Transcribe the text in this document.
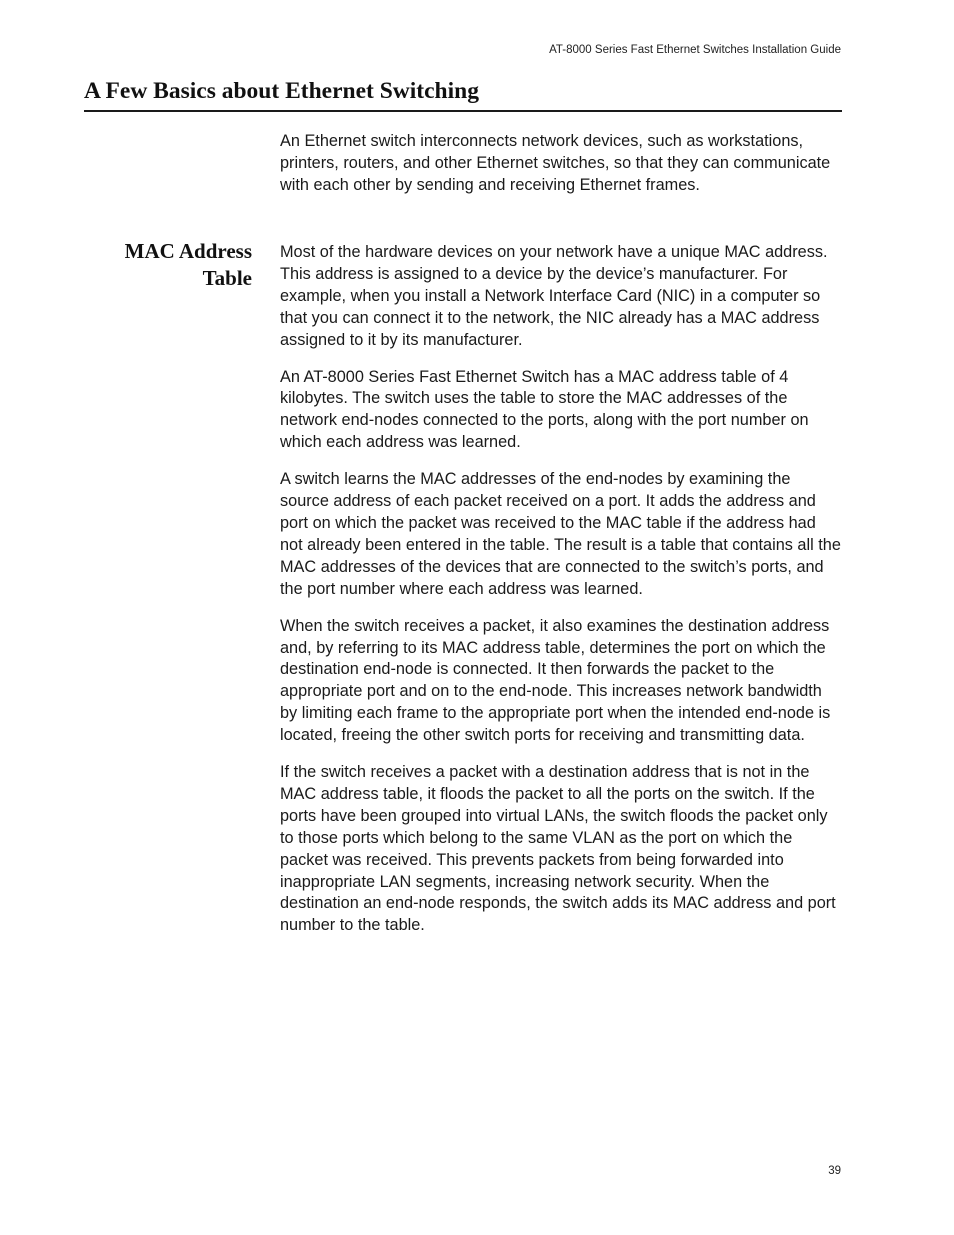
AT-8000 Series Fast Ethernet Switches Installation Guide
A Few Basics about Ethernet Switching

An Ethernet switch interconnects network devices, such as workstations, printers, routers, and other Ethernet switches, so that they can communicate with each other by sending and receiving Ethernet frames.

MAC Address
Table

Most of the hardware devices on your network have a unique MAC address. This address is assigned to a device by the device’s manufacturer. For example, when you install a Network Interface Card (NIC) in a computer so that you can connect it to the network, the NIC already has a MAC address assigned to it by its manufacturer.

An AT-8000 Series Fast Ethernet Switch has a MAC address table of 4 kilobytes. The switch uses the table to store the MAC addresses of the network end-nodes connected to the ports, along with the port number on which each address was learned.

A switch learns the MAC addresses of the end-nodes by examining the source address of each packet received on a port. It adds the address and port on which the packet was received to the MAC table if the address had not already been entered in the table. The result is a table that contains all the MAC addresses of the devices that are connected to the switch’s ports, and the port number where each address was learned.

When the switch receives a packet, it also examines the destination address and, by referring to its MAC address table, determines the port on which the destination end-node is connected. It then forwards the packet to the appropriate port and on to the end-node. This increases network bandwidth by limiting each frame to the appropriate port when the intended end-node is located, freeing the other switch ports for receiving and transmitting data.

If the switch receives a packet with a destination address that is not in the MAC address table, it floods the packet to all the ports on the switch. If the ports have been grouped into virtual LANs, the switch floods the packet only to those ports which belong to the same VLAN as the port on which the packet was received. This prevents packets from being forwarded into inappropriate LAN segments, increasing network security. When the destination an end-node responds, the switch adds its MAC address and port number to the table.

39
